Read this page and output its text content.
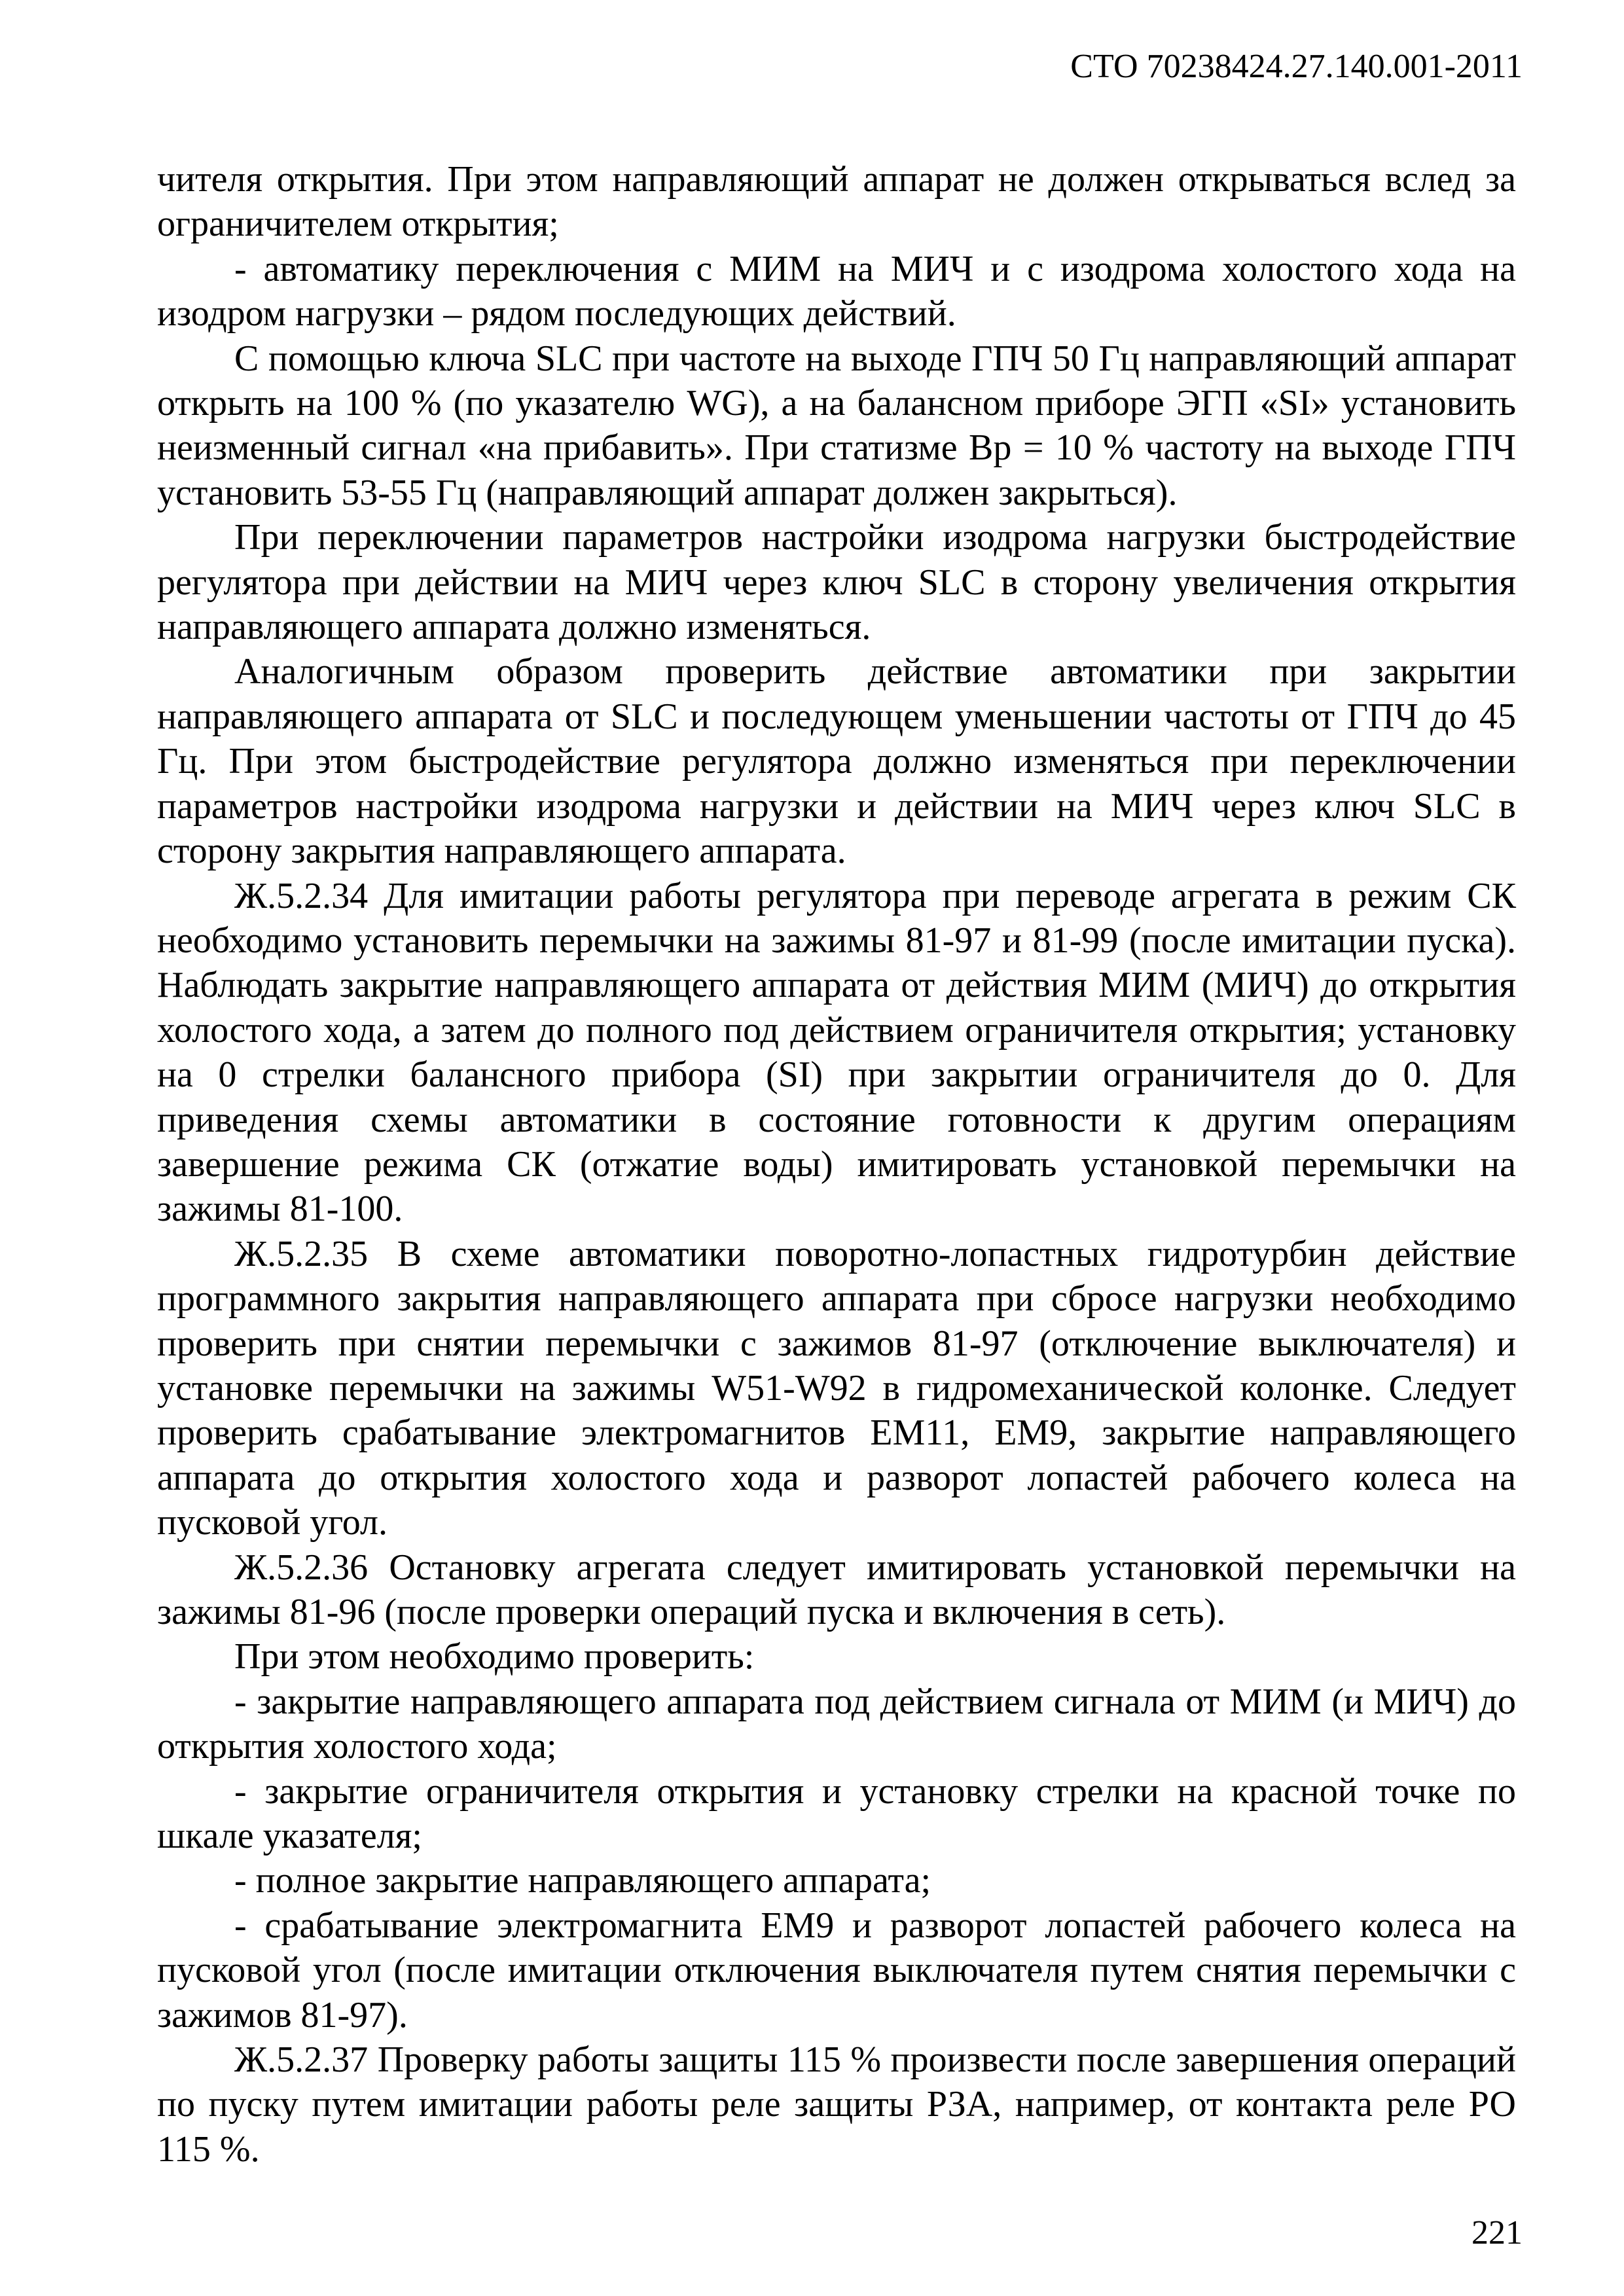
СТО 70238424.27.140.001-2011

чителя открытия. При этом направляющий аппарат не должен открываться вслед за ограничителем открытия;

- автоматику переключения с МИМ на МИЧ и с изодрома холостого хода на изодром нагрузки – рядом последующих действий.

С помощью ключа SLC при частоте на выходе ГПЧ 50 Гц направляющий аппарат открыть на 100 % (по указателю WG), а на балансном приборе ЭГП «SI» установить неизменный сигнал «на прибавить». При статизме Bp = 10 % частоту на выходе ГПЧ установить 53-55 Гц (направляющий аппарат должен закрыться).

При переключении параметров настройки изодрома нагрузки быстродействие регулятора при действии на МИЧ через ключ SLC в сторону увеличения открытия направляющего аппарата должно изменяться.

Аналогичным образом проверить действие автоматики при закрытии направляющего аппарата от SLC и последующем уменьшении частоты от ГПЧ до 45 Гц. При этом быстродействие регулятора должно изменяться при переключении параметров настройки изодрома нагрузки и действии на МИЧ через ключ SLC в сторону закрытия направляющего аппарата.

Ж.5.2.34 Для имитации работы регулятора при переводе агрегата в режим СК необходимо установить перемычки на зажимы 81-97 и 81-99 (после имитации пуска). Наблюдать закрытие направляющего аппарата от действия МИМ (МИЧ) до открытия холостого хода, а затем до полного под действием ограничителя открытия; установку на 0 стрелки балансного прибора (SI) при закрытии ограничителя до 0. Для приведения схемы автоматики в состояние готовности к другим операциям завершение режима СК (отжатие воды) имитировать установкой перемычки на зажимы 81-100.

Ж.5.2.35 В схеме автоматики поворотно-лопастных гидротурбин действие программного закрытия направляющего аппарата при сбросе нагрузки необходимо проверить при снятии перемычки с зажимов 81-97 (отключение выключателя) и установке перемычки на зажимы W51-W92 в гидромеханической колонке. Следует проверить срабатывание электромагнитов ЕМ11, ЕМ9, закрытие направляющего аппарата до открытия холостого хода и разворот лопастей рабочего колеса на пусковой угол.

Ж.5.2.36 Остановку агрегата следует имитировать установкой перемычки на зажимы 81-96 (после проверки операций пуска и включения в сеть).

При этом необходимо проверить:

- закрытие направляющего аппарата под действием сигнала от МИМ (и МИЧ) до открытия холостого хода;

- закрытие ограничителя открытия и установку стрелки на красной точке по шкале указателя;

- полное закрытие направляющего аппарата;

- срабатывание электромагнита ЕМ9 и разворот лопастей рабочего колеса на пусковой угол (после имитации отключения выключателя путем снятия перемычки с зажимов 81-97).

Ж.5.2.37 Проверку работы защиты 115 % произвести после завершения операций по пуску путем имитации работы реле защиты РЗА, например, от контакта реле РО 115 %.

221
